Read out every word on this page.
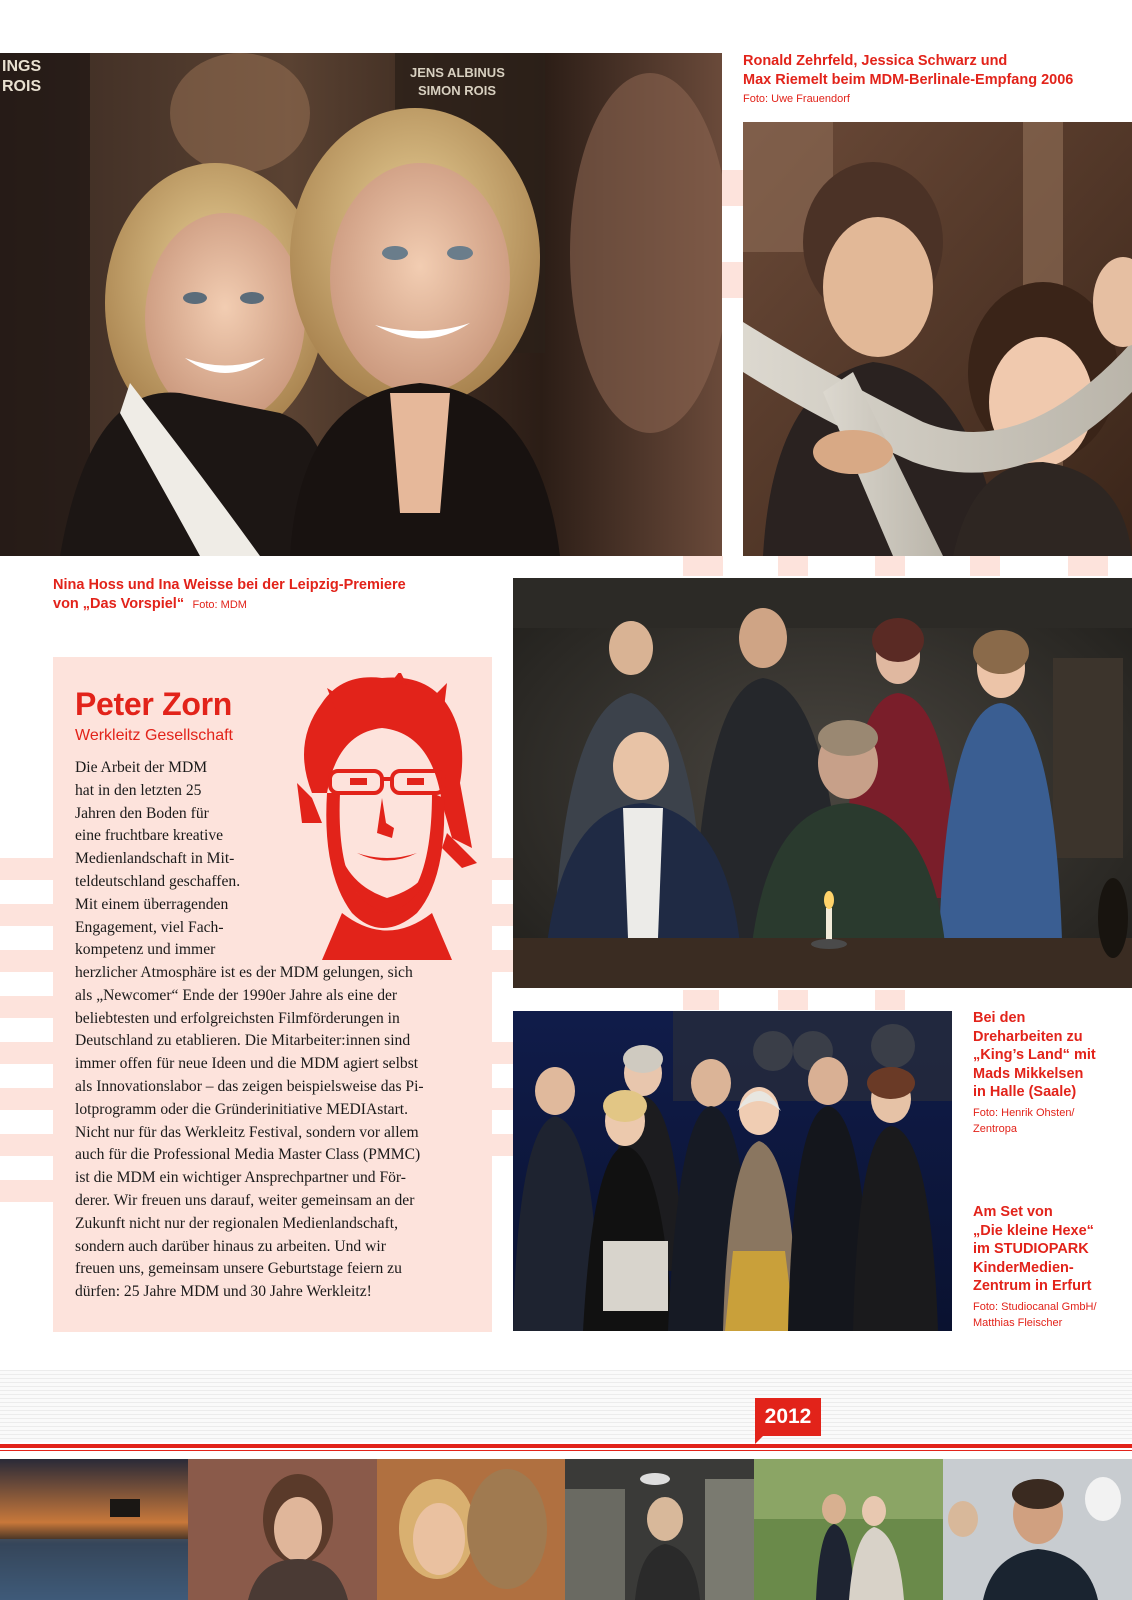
INGS
ROIS
JENS ALBINUS
SIMON ROIS
Ronald Zehrfeld, Jessica Schwarz und
Max Riemelt beim MDM-Berlinale-Empfang 2006
Foto: Uwe Frauendorf
Nina Hoss und Ina Weisse bei der Leipzig-Premiere
von „Das Vorspiel“ Foto: MDM
Bei den
Dreharbeiten zu
„King’s Land“ mit
Mads Mikkelsen
in Halle (Saale)
Foto: Henrik Ohsten/
Zentropa
Am Set von
„Die kleine Hexe“
im STUDIOPARK
KinderMedien-
Zentrum in Erfurt
Foto: Studiocanal GmbH/
Matthias Fleischer
Peter Zorn
Werkleitz Gesellschaft
Die Arbeit der MDM
hat in den letzten 25
Jahren den Boden für
eine fruchtbare kreative
Medienlandschaft in Mit-
teldeutschland geschaffen.
Mit einem überragenden
Engagement, viel Fach-
kompetenz und immer
herzlicher Atmosphäre ist es der MDM gelungen, sich
als „Newcomer“ Ende der 1990er Jahre als eine der
beliebtesten und erfolgreichsten Filmförderungen in
Deutschland zu etablieren. Die Mitarbeiter:innen sind
immer offen für neue Ideen und die MDM agiert selbst
als Innovationslabor – das zeigen beispielsweise das Pi-
lotprogramm oder die Gründerinitiative MEDIAstart.
Nicht nur für das Werkleitz Festival, sondern vor allem
auch für die Professional Media Master Class (PMMC)
ist die MDM ein wichtiger Ansprechpartner und För-
derer. Wir freuen uns darauf, weiter gemeinsam an der
Zukunft nicht nur der regionalen Medienlandschaft,
sondern auch darüber hinaus zu arbeiten. Und wir
freuen uns, gemeinsam unsere Geburtstage feiern zu
dürfen: 25 Jahre MDM und 30 Jahre Werkleitz!
2012
